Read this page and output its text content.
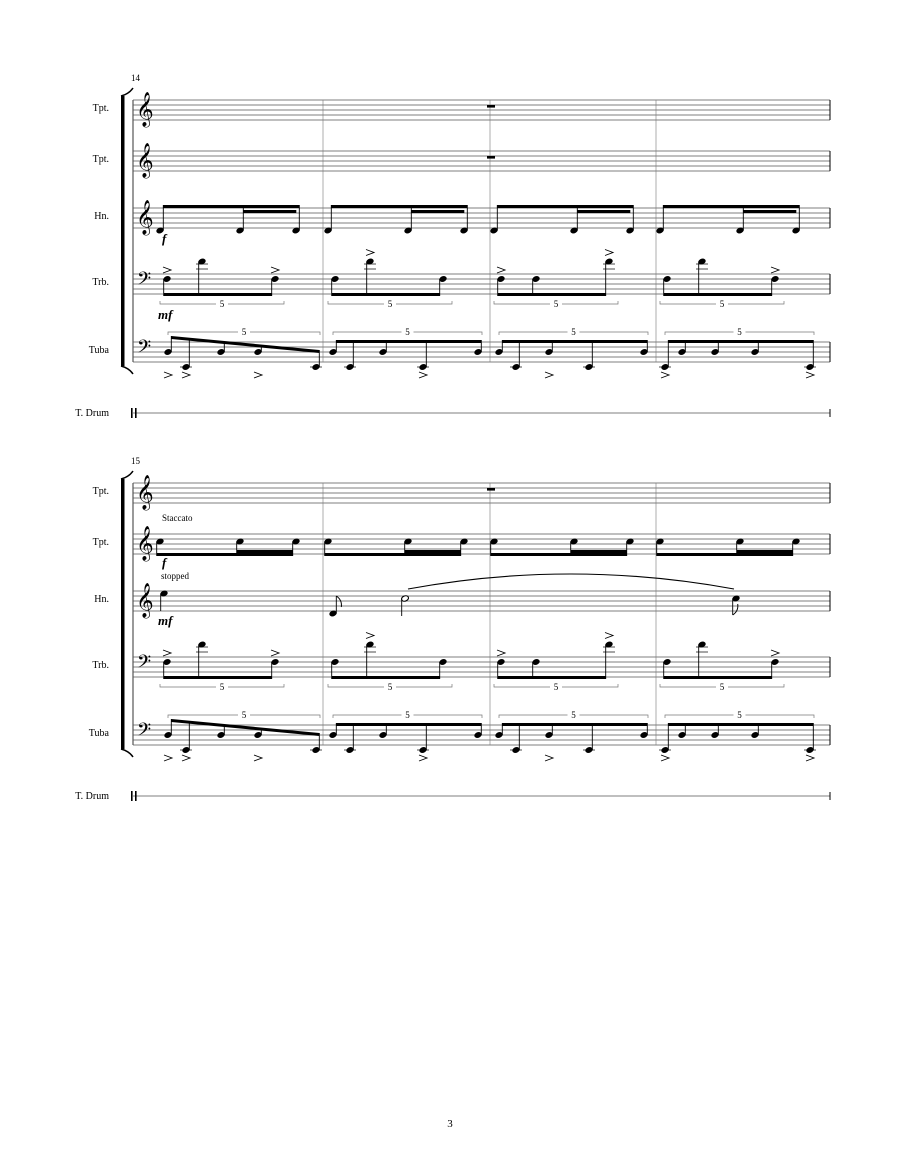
14
Tpt.
Tpt.
Hn.
Trb.
Tuba
T. Drum
𝄞
𝄞
𝄞
𝄢
𝄢
f
mf
5	5	5	5
5	5	5	5
15
Tpt.
Tpt.
Hn.
Trb.
Tuba
T. Drum
𝄞
𝄞
𝄞
𝄢
𝄢
Staccato
f
stopped
mf
5	5	5	5
5	5	5	5
3
